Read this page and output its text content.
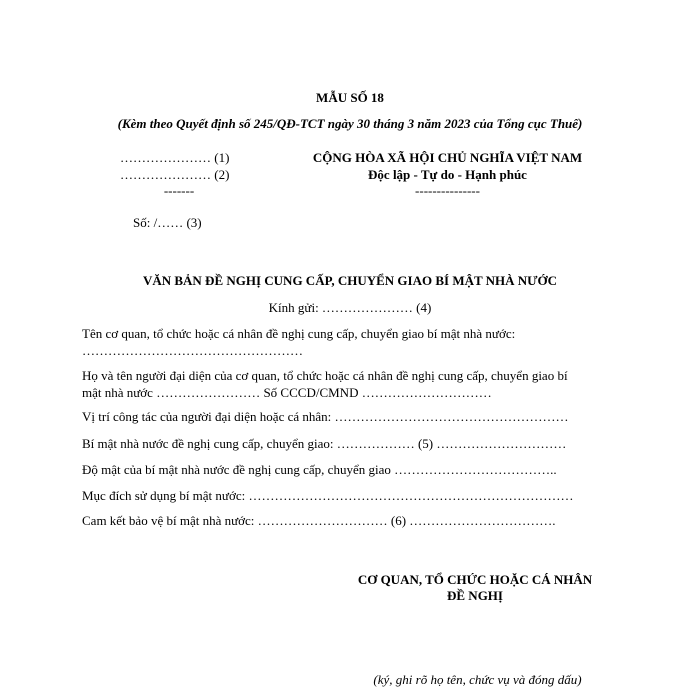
MẪU SỐ 18
(Kèm theo Quyết định số 245/QĐ-TCT ngày 30 tháng 3 năm 2023 của Tổng cục Thuế)
………………… (1)
………………… (2)
-------
Số: /…… (3)
CỘNG HÒA XÃ HỘI CHỦ NGHĨA VIỆT NAM
Độc lập - Tự do - Hạnh phúc
---------------
VĂN BẢN ĐỀ NGHỊ CUNG CẤP, CHUYỂN GIAO BÍ MẬT NHÀ NƯỚC
Kính gửi: ………………… (4)
Tên cơ quan, tổ chức hoặc cá nhân đề nghị cung cấp, chuyển giao bí mật nhà nước:
……………………………………………
Họ và tên người đại diện của cơ quan, tổ chức hoặc cá nhân đề nghị cung cấp, chuyển giao bí
mật nhà nước …………………… Số CCCD/CMND …………………………
Vị trí công tác của người đại diện hoặc cá nhân: ………………………………………………
Bí mật nhà nước đề nghị cung cấp, chuyển giao: ……………… (5) …………………………
Độ mật của bí mật nhà nước đề nghị cung cấp, chuyển giao ………………………………..
Mục đích sử dụng bí mật nước: …………………………………………………………………
Cam kết bảo vệ bí mật nhà nước: ………………………… (6) …………………………….
CƠ QUAN, TỔ CHỨC HOẶC CÁ NHÂN
ĐỀ NGHỊ
(ký, ghi rõ họ tên, chức vụ và đóng dấu)
